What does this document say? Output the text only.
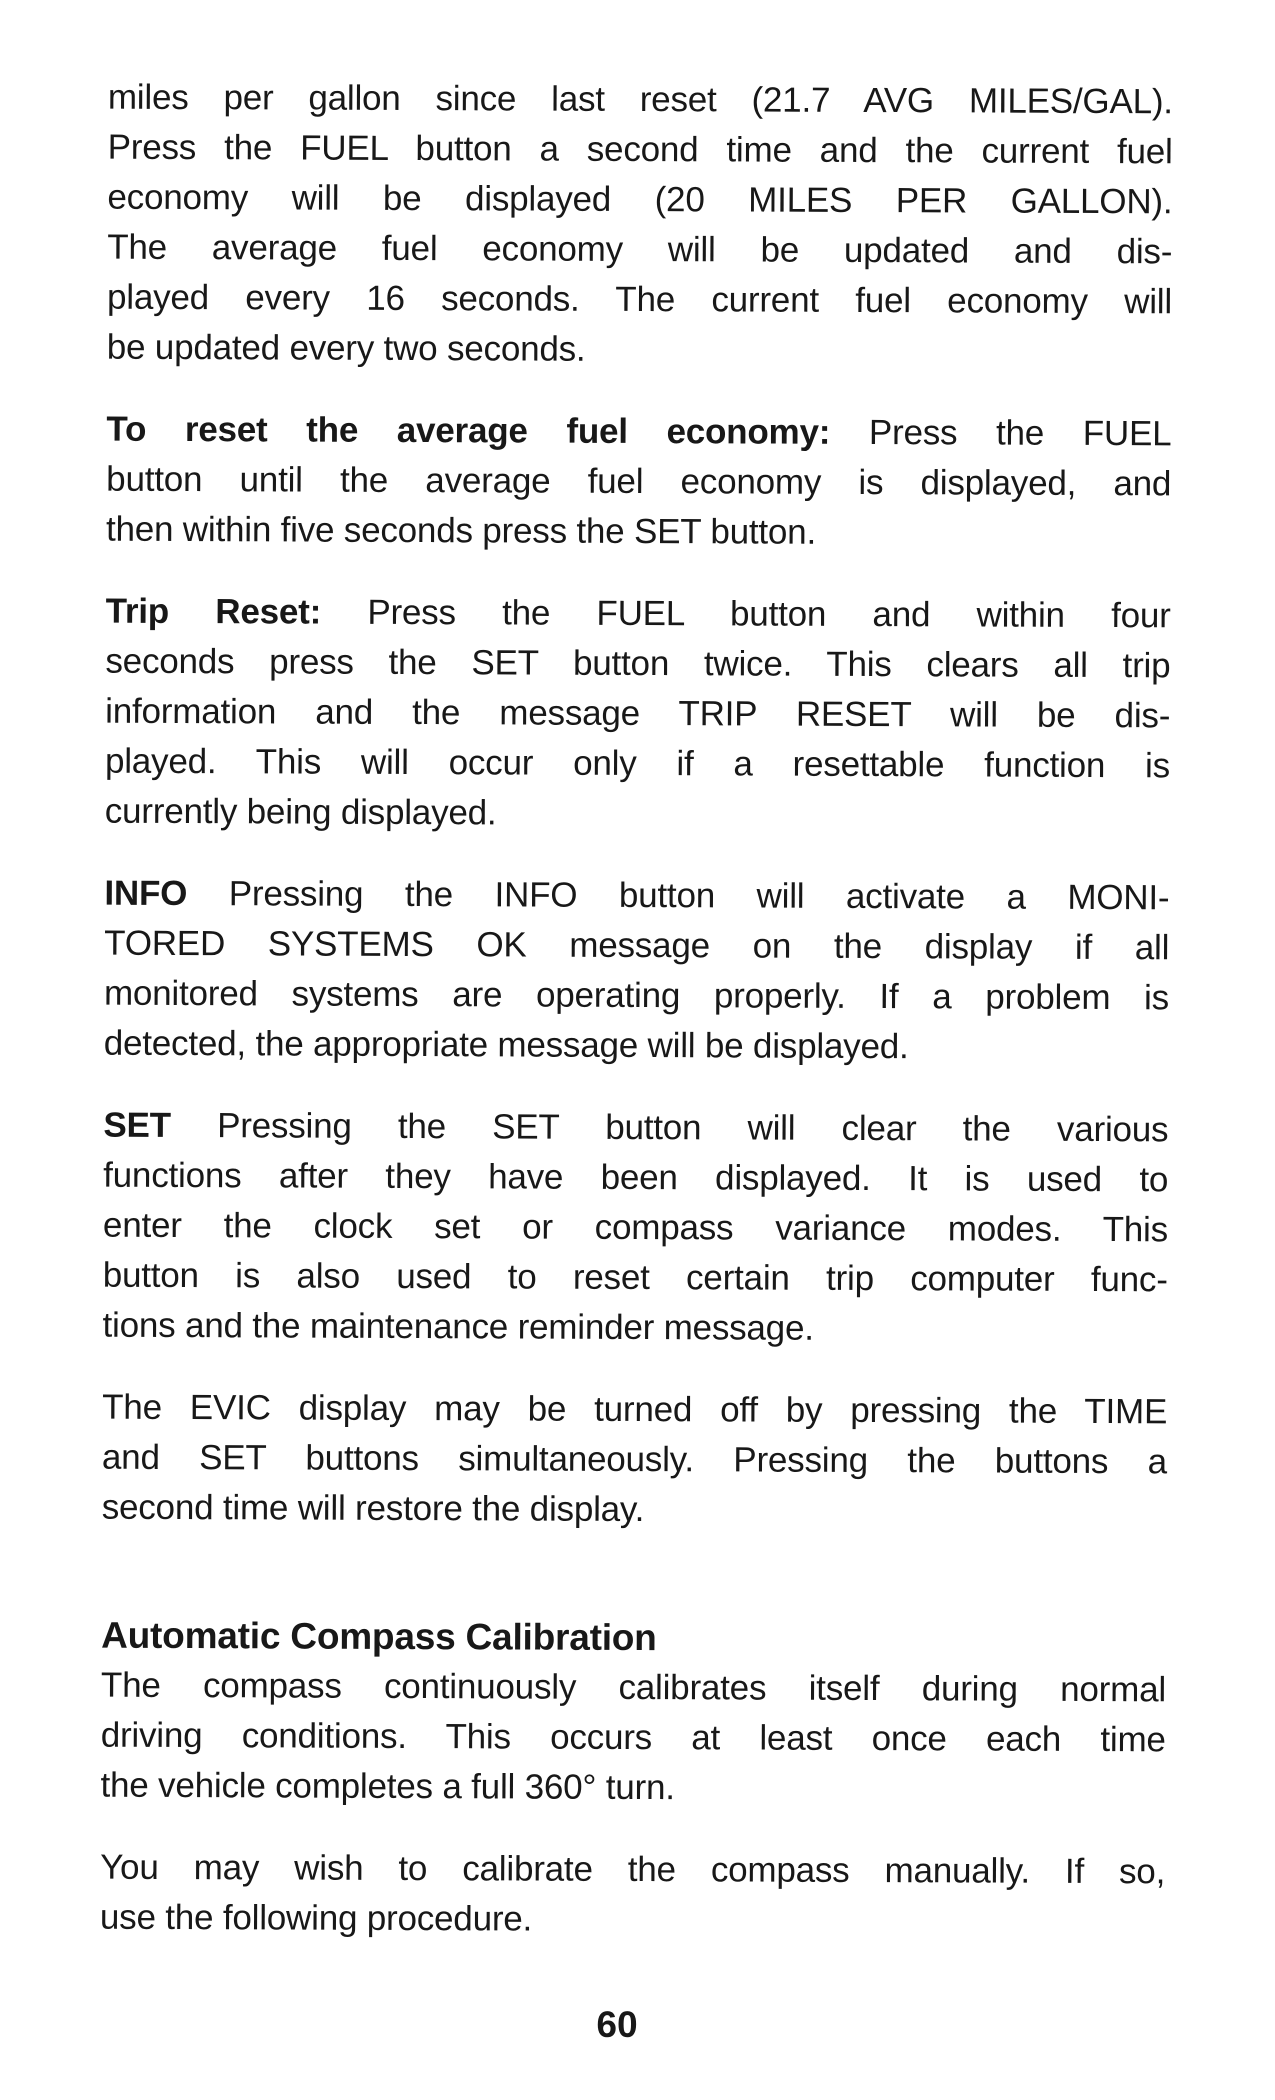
miles per gallon since last reset (21.7 AVG MILES/GAL).
Press the FUEL button a second time and the current fuel
economy will be displayed (20 MILES PER GALLON).
The average fuel economy will be updated and dis-
played every 16 seconds. The current fuel economy will
be updated every two seconds.
To reset the average fuel economy: Press the FUEL
button until the average fuel economy is displayed, and
then within five seconds press the SET button.
Trip Reset: Press the FUEL button and within four
seconds press the SET button twice. This clears all trip
information and the message TRIP RESET will be dis-
played. This will occur only if a resettable function is
currently being displayed.
INFO Pressing the INFO button will activate a MONI-
TORED SYSTEMS OK message on the display if all
monitored systems are operating properly. If a problem is
detected, the appropriate message will be displayed.
SET Pressing the SET button will clear the various
functions after they have been displayed. It is used to
enter the clock set or compass variance modes. This
button is also used to reset certain trip computer func-
tions and the maintenance reminder message.
The EVIC display may be turned off by pressing the TIME
and SET buttons simultaneously. Pressing the buttons a
second time will restore the display.
Automatic Compass Calibration
The compass continuously calibrates itself during normal
driving conditions. This occurs at least once each time
the vehicle completes a full 360° turn.
You may wish to calibrate the compass manually. If so,
use the following procedure.
60
